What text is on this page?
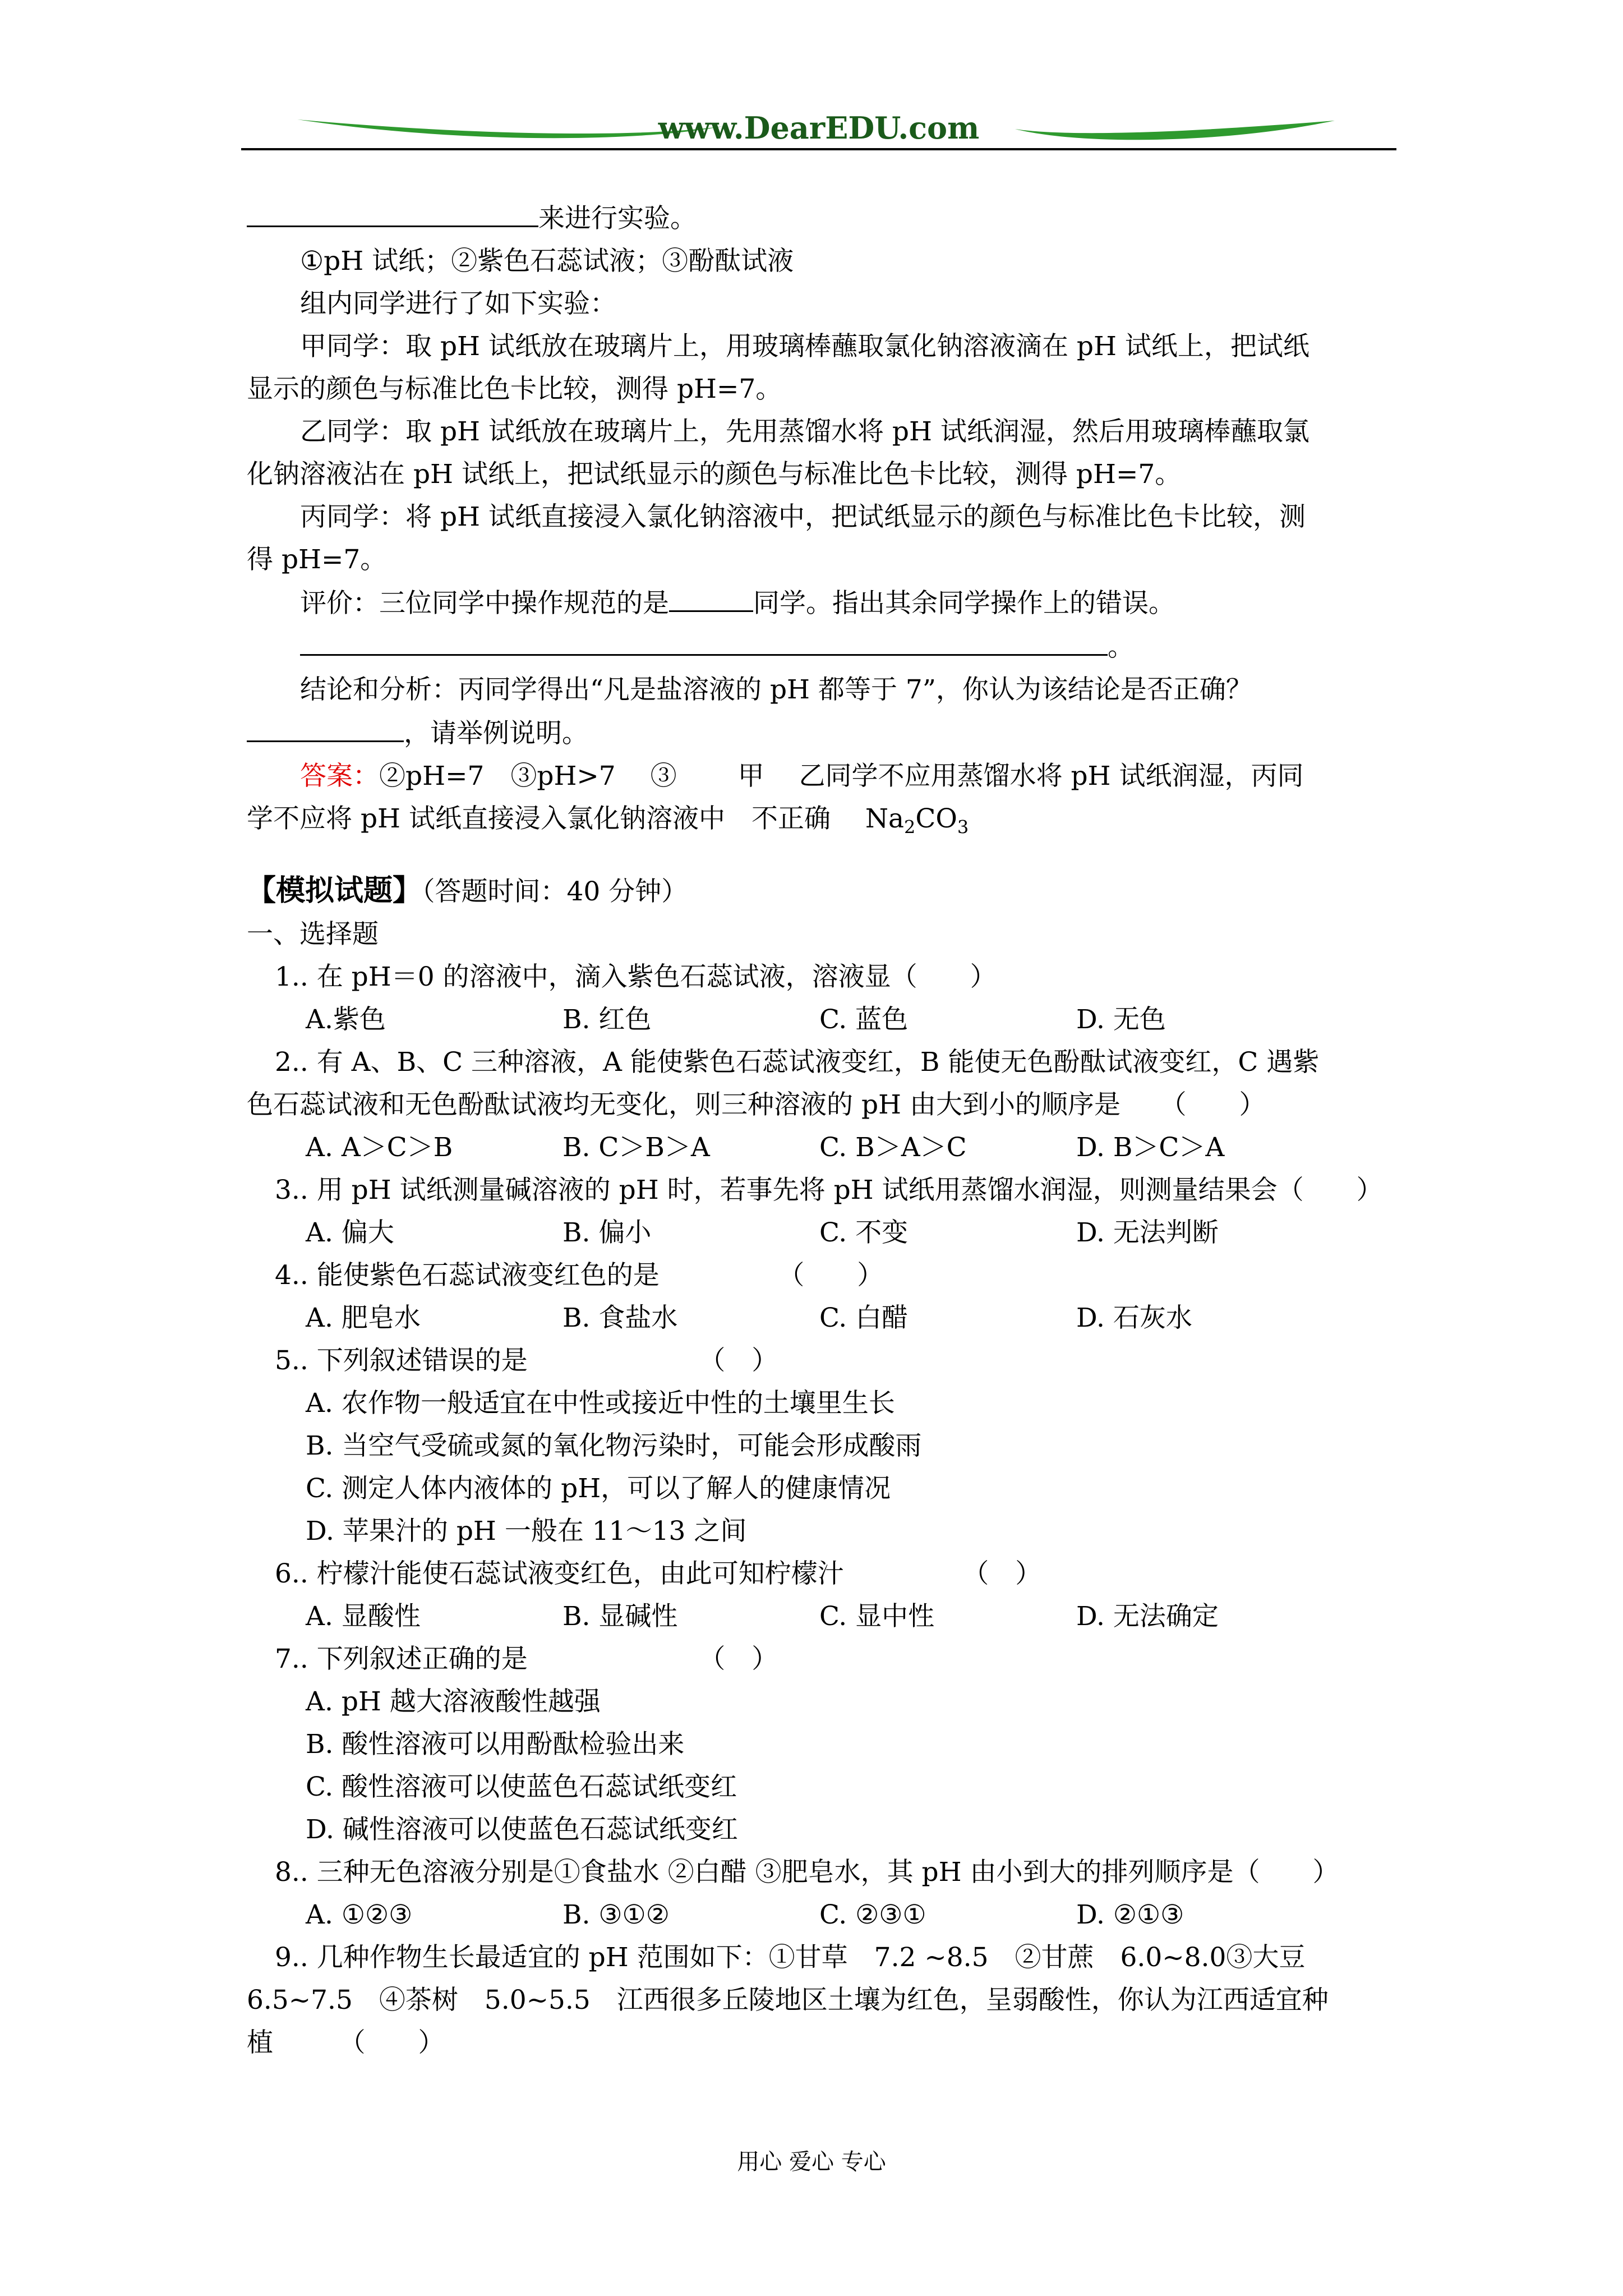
www.DearEDU.com
来进行实验。
①pH 试纸；②紫色石蕊试液；③酚酞试液
组内同学进行了如下实验：
甲同学：取 pH 试纸放在玻璃片上，用玻璃棒蘸取氯化钠溶液滴在 pH 试纸上，把试纸
显示的颜色与标准比色卡比较，测得 pH=7。
乙同学：取 pH 试纸放在玻璃片上，先用蒸馏水将 pH 试纸润湿，然后用玻璃棒蘸取氯
化钠溶液沾在 pH 试纸上，把试纸显示的颜色与标准比色卡比较，测得 pH=7。
丙同学：将 pH 试纸直接浸入氯化钠溶液中，把试纸显示的颜色与标准比色卡比较，测
得 pH=7。
评价：三位同学中操作规范的是	同学。指出其余同学操作上的错误。
。
结论和分析：丙同学得出“凡是盐溶液的 pH 都等于 7”，你认为该结论是否正确？
，请举例说明。
答案：②pH=7　③pH>7　 ③　　 甲　 乙同学不应用蒸馏水将 pH 试纸润湿，丙同
学不应将 pH 试纸直接浸入氯化钠溶液中　不正确　 $Na_2CO_3$
【模拟试题】（答题时间：40 分钟）
一、选择题
1.. 在 pH＝0 的溶液中，滴入紫色石蕊试液，溶液显（　　）
A.紫色	B. 红色	C. 蓝色	D. 无色
2.. 有 A、B、C 三种溶液，A 能使紫色石蕊试液变红，B 能使无色酚酞试液变红，C 遇紫
色石蕊试液和无色酚酞试液均无变化，则三种溶液的 pH 由大到小的顺序是　　（　　）
A. A＞C＞B	B. C＞B＞A	C. B＞A＞C	D. B＞C＞A
3.. 用 pH 试纸测量碱溶液的 pH 时，若事先将 pH 试纸用蒸馏水润湿，则测量结果会（　　）
A. 偏大	B. 偏小	C. 不变	D. 无法判断
4.. 能使紫色石蕊试液变红色的是　　　　　（　　）
A. 肥皂水	B. 食盐水	C. 白醋	D. 石灰水
5.. 下列叙述错误的是　　　　　　　（　）
A. 农作物一般适宜在中性或接近中性的土壤里生长
B. 当空气受硫或氮的氧化物污染时，可能会形成酸雨
C. 测定人体内液体的 pH，可以了解人的健康情况
D. 苹果汁的 pH 一般在 11～13 之间
6.. 柠檬汁能使石蕊试液变红色，由此可知柠檬汁　　　　　（　）
A. 显酸性	B. 显碱性	C. 显中性	D. 无法确定
7.. 下列叙述正确的是　　　　　　　（　）
A. pH 越大溶液酸性越强
B. 酸性溶液可以用酚酞检验出来
C. 酸性溶液可以使蓝色石蕊试纸变红
D. 碱性溶液可以使蓝色石蕊试纸变红
8.. 三种无色溶液分别是①食盐水 ②白醋 ③肥皂水，其 pH 由小到大的排列顺序是（　　）
A. ①②③	B. ③①②	C. ②③①	D. ②①③
9.. 几种作物生长最适宜的 pH 范围如下：①甘草　7.2 ~8.5　②甘蔗　6.0~8.0③大豆
6.5~7.5　④茶树　5.0~5.5　江西很多丘陵地区土壤为红色，呈弱酸性，你认为江西适宜种
植　　　（　　）
用心 爱心 专心
